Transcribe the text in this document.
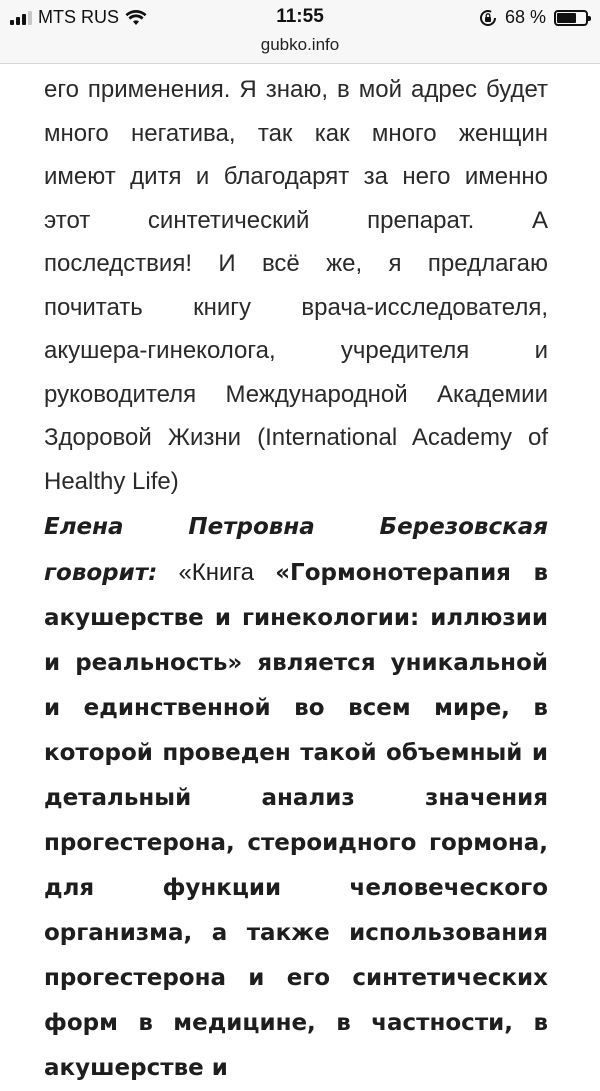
MTS RUS	11:55	68 %
gubko.info

его применения. Я знаю, в мой адрес будет много негатива, так как много женщин имеют дитя и благодарят за него именно этот синтетический препарат. А последствия! И всё же, я предлагаю почитать книгу врача-исследователя, акушера-гинеколога, учредителя и руководителя Международной Академии Здоровой Жизни (International Academy of Healthy Life)

Елена Петровна Березовская говорит: «Книга «Гормонотерапия в акушерстве и гинекологии: иллюзии и реальность» является уникальной и единственной во всем мире, в которой проведен такой объемный и детальный анализ значения прогестерона, стероидного гормона, для функции человеческого организма, а также использования прогестерона и его синтетических форм в медицине, в частности, в акушерстве и
